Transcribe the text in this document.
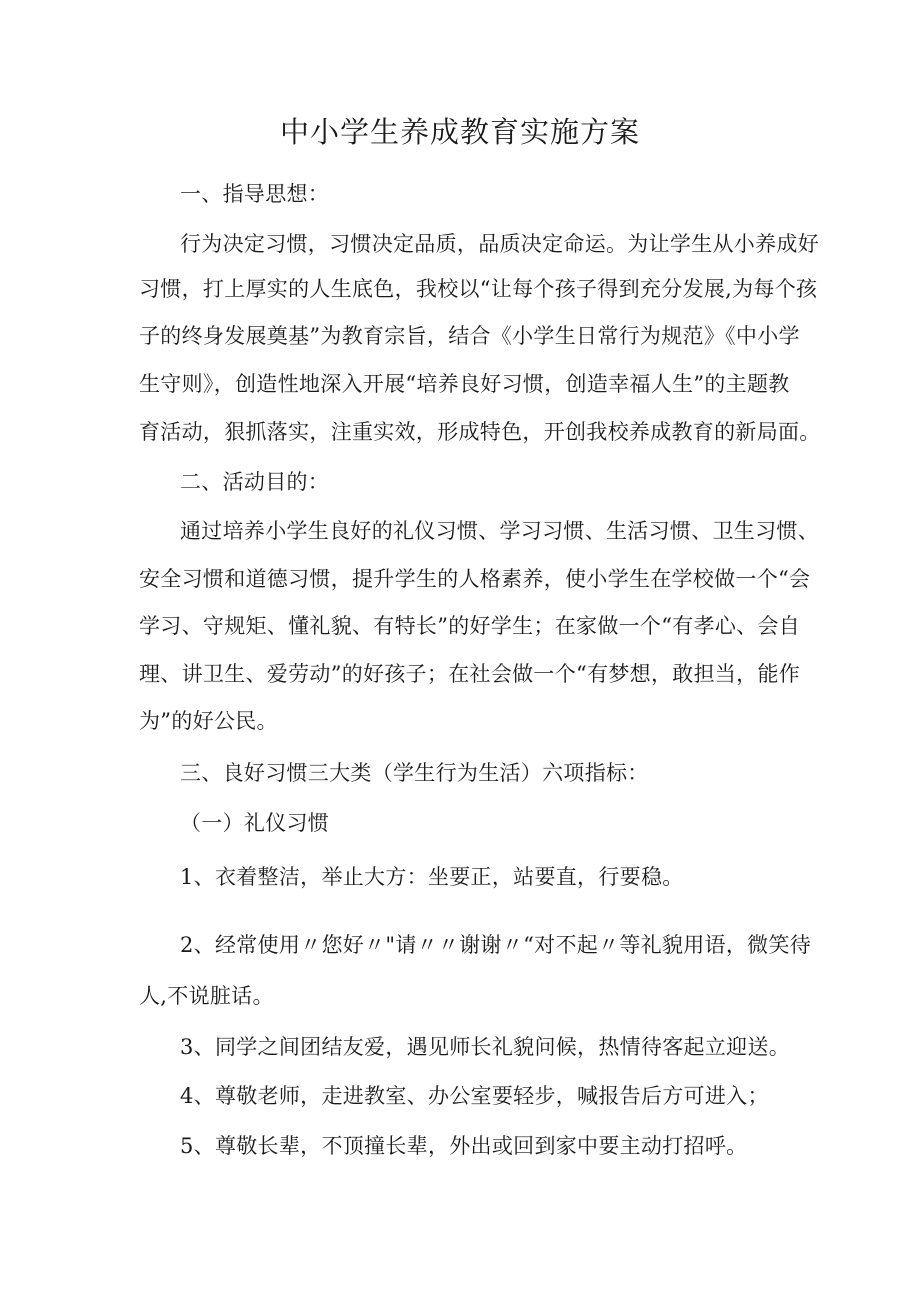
中小学生养成教育实施方案
一、指导思想：
行为决定习惯，习惯决定品质，品质决定命运。为让学生从小养成好
习惯，打上厚实的人生底色，我校以“让每个孩子得到充分发展,为每个孩
子的终身发展奠基”为教育宗旨，结合《小学生日常行为规范》《中小学
生守则》，创造性地深入开展“培养良好习惯，创造幸福人生”的主题教
育活动，狠抓落实，注重实效，形成特色，开创我校养成教育的新局面。
二、活动目的：
通过培养小学生良好的礼仪习惯、学习习惯、生活习惯、卫生习惯、
安全习惯和道德习惯，提升学生的人格素养，使小学生在学校做一个“会
学习、守规矩、懂礼貌、有特长”的好学生；在家做一个“有孝心、会自
理、讲卫生、爱劳动”的好孩子；在社会做一个“有梦想，敢担当，能作
为”的好公民。
三、良好习惯三大类（学生行为生活）六项指标：
（一）礼仪习惯
1、衣着整洁，举止大方：坐要正，站要直，行要稳。
2、经常使用〃您好〃"请〃〃谢谢〃“对不起〃等礼貌用语，微笑待
人,不说脏话。
3、同学之间团结友爱，遇见师长礼貌问候，热情待客起立迎送。
4、尊敬老师，走进教室、办公室要轻步，喊报告后方可进入；
5、尊敬长辈，不顶撞长辈，外出或回到家中要主动打招呼。
